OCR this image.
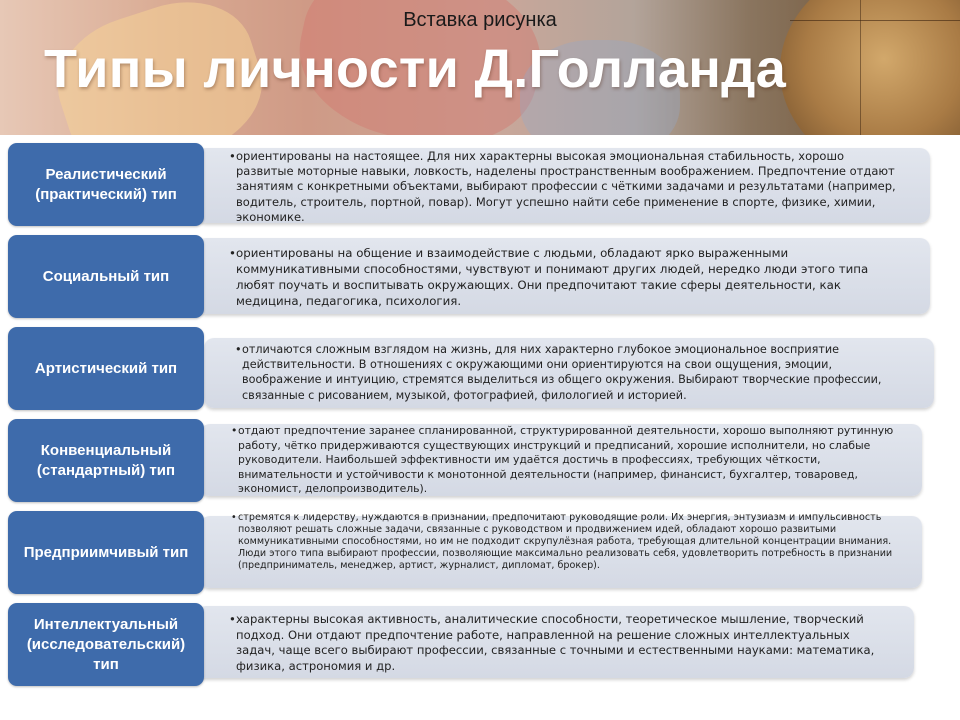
Вставка рисунка
Типы личности Д.Голланда
Реалистический (практический) тип
• ориентированы на настоящее. Для них характерны высокая эмоциональная стабильность, хорошо развитые моторные навыки, ловкость, наделены пространственным воображением. Предпочтение отдают занятиям с конкретными объектами, выбирают профессии с чёткими задачами и результатами (например, водитель, строитель, портной, повар). Могут успешно найти себе применение в спорте, физике, химии, экономике.
Социальный тип
• ориентированы на общение и взаимодействие с людьми, обладают ярко выраженными коммуникативными способностями, чувствуют и понимают других людей, нередко люди этого типа любят поучать и воспитывать окружающих. Они предпочитают такие сферы деятельности, как медицина, педагогика, психология.
Артистический тип
• отличаются сложным взглядом на жизнь, для них характерно глубокое эмоциональное восприятие действительности. В отношениях с окружающими они ориентируются на свои ощущения, эмоции, воображение и интуицию, стремятся выделиться из общего окружения. Выбирают творческие профессии, связанные с рисованием, музыкой, фотографией, филологией и историей.
Конвенциальный (стандартный) тип
• отдают предпочтение заранее спланированной, структурированной деятельности, хорошо выполняют рутинную работу, чётко придерживаются существующих инструкций и предписаний, хорошие исполнители, но слабые руководители. Наибольшей эффективности им удаётся достичь в профессиях, требующих чёткости, внимательности и устойчивости к монотонной деятельности (например, финансист, бухгалтер, товаровед, экономист, делопроизводитель).
Предприимчивый тип
• стремятся к лидерству, нуждаются в признании, предпочитают руководящие роли. Их энергия, энтузиазм и импульсивность позволяют решать сложные задачи, связанные с руководством и продвижением идей, обладают хорошо развитыми коммуникативными способностями, но им не подходит скрупулёзная работа, требующая длительной концентрации внимания. Люди этого типа выбирают профессии, позволяющие максимально реализовать себя, удовлетворить потребность в признании (предприниматель, менеджер, артист, журналист, дипломат, брокер).
Интеллектуальный (исследовательский) тип
• характерны высокая активность, аналитические способности, теоретическое мышление, творческий подход. Они отдают предпочтение работе, направленной на решение сложных интеллектуальных задач, чаще всего выбирают профессии, связанные с точными и естественными науками: математика, физика, астрономия и др.
